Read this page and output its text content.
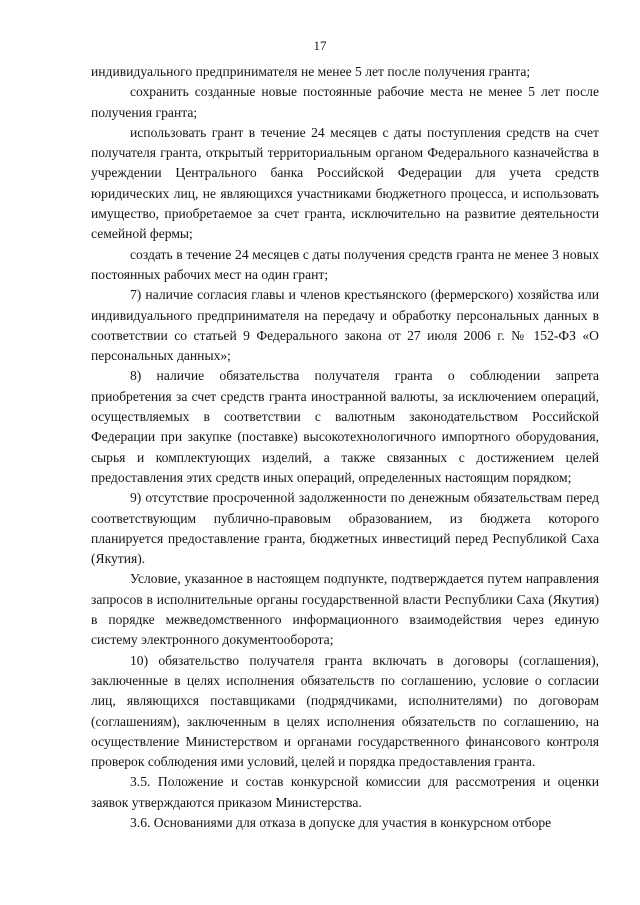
17

индивидуального предпринимателя не менее 5 лет после получения гранта;

сохранить созданные новые постоянные рабочие места не менее 5 лет после получения гранта;

использовать грант в течение 24 месяцев с даты поступления средств на счет получателя гранта, открытый территориальным органом Федерального казначейства в учреждении Центрального банка Российской Федерации для учета средств юридических лиц, не являющихся участниками бюджетного процесса, и использовать имущество, приобретаемое за счет гранта, исключительно на развитие деятельности семейной фермы;

создать в течение 24 месяцев с даты получения средств гранта не менее 3 новых постоянных рабочих мест на один грант;

7) наличие согласия главы и членов крестьянского (фермерского) хозяйства или индивидуального предпринимателя на передачу и обработку персональных данных в соответствии со статьей 9 Федерального закона от 27 июля 2006 г. № 152-ФЗ «О персональных данных»;

8) наличие обязательства получателя гранта о соблюдении запрета приобретения за счет средств гранта иностранной валюты, за исключением операций, осуществляемых в соответствии с валютным законодательством Российской Федерации при закупке (поставке) высокотехнологичного импортного оборудования, сырья и комплектующих изделий, а также связанных с достижением целей предоставления этих средств иных операций, определенных настоящим порядком;

9) отсутствие просроченной задолженности по денежным обязательствам перед соответствующим публично-правовым образованием, из бюджета которого планируется предоставление гранта, бюджетных инвестиций перед Республикой Саха (Якутия).

Условие, указанное в настоящем подпункте, подтверждается путем направления запросов в исполнительные органы государственной власти Республики Саха (Якутия) в порядке межведомственного информационного взаимодействия через единую систему электронного документооборота;

10) обязательство получателя гранта включать в договоры (соглашения), заключенные в целях исполнения обязательств по соглашению, условие о согласии лиц, являющихся поставщиками (подрядчиками, исполнителями) по договорам (соглашениям), заключенным в целях исполнения обязательств по соглашению, на осуществление Министерством и органами государственного финансового контроля проверок соблюдения ими условий, целей и порядка предоставления гранта.

3.5. Положение и состав конкурсной комиссии для рассмотрения и оценки заявок утверждаются приказом Министерства.

3.6. Основаниями для отказа в допуске для участия в конкурсном отборе
